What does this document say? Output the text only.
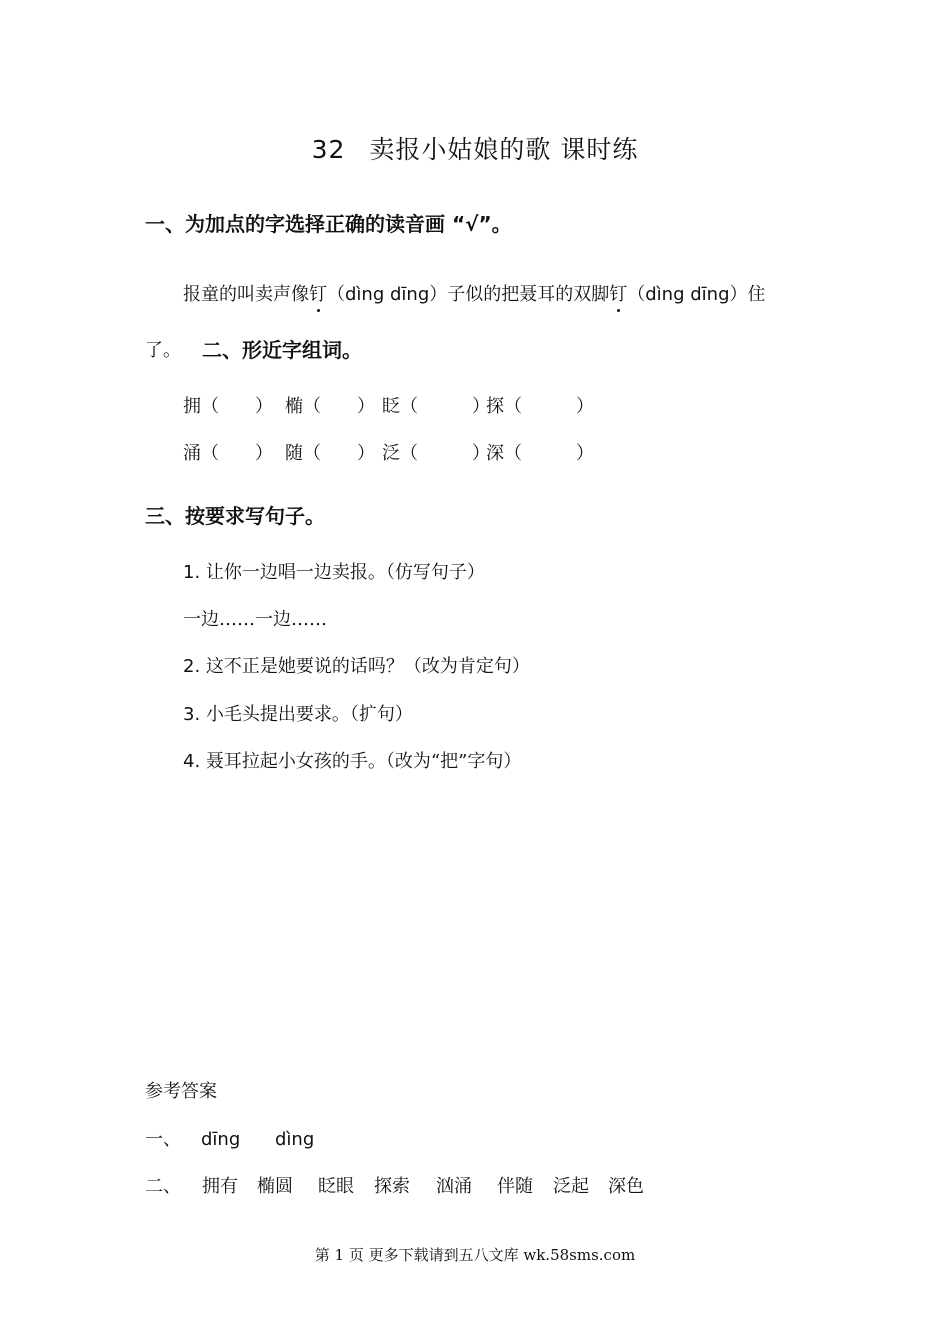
32 卖报小姑娘的歌 课时练
一、为加点的字选择正确的读音画 “√”。
报童的叫卖声像钉（dìng dīng）子似的把聂耳的双脚钉（dìng dīng）住
了。 二、形近字组词。
拥（　　） 椭（　　） 眨（　　　）探（　　　）
涌（　　） 随（　　） 泛（　　　）深（　　　）
三、按要求写句子。
1. 让你一边唱一边卖报。（仿写句子）
一边……一边……
2. 这不正是她要说的话吗？（改为肯定句）
3. 小毛头提出要求。（扩句）
4. 聂耳拉起小女孩的手。（改为“把”字句）
参考答案
一、 dīng dìng
二、 拥有 椭圆 眨眼 探索 汹涌 伴随 泛起 深色
第 1 页 更多下载请到五八文库 wk.58sms.com
